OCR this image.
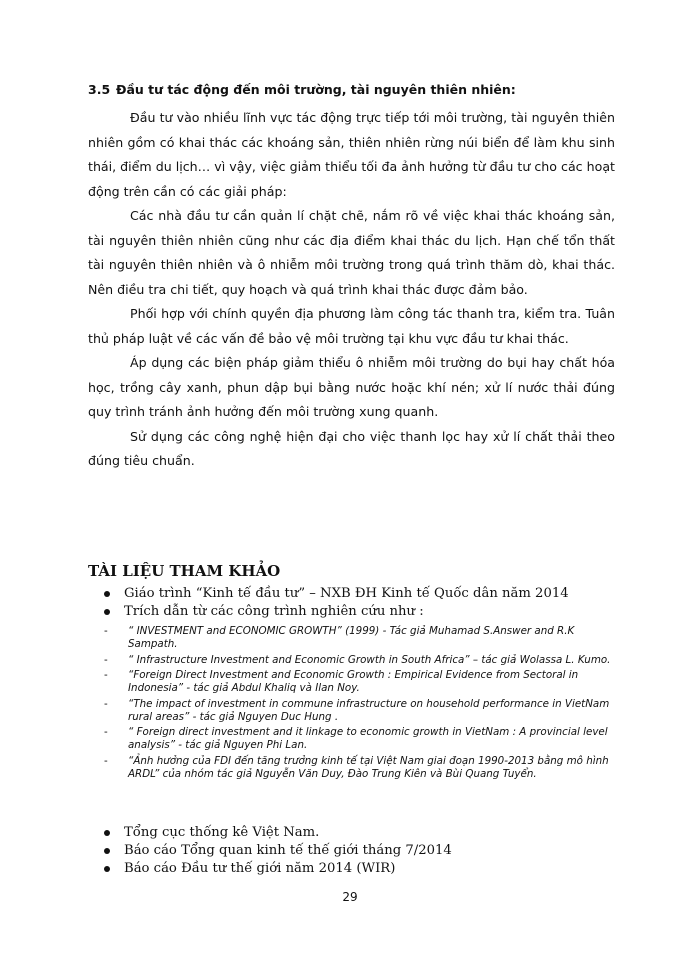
3.5 Đầu tư tác động đến môi trường, tài nguyên thiên nhiên:

Đầu tư vào nhiều lĩnh vực tác động trực tiếp tới môi trường, tài nguyên thiên nhiên gồm có khai thác các khoáng sản, thiên nhiên rừng núi biển để làm khu sinh thái, điểm du lịch… vì vậy, việc giảm thiểu tối đa ảnh hưởng từ đầu tư cho các hoạt động trên cần có các giải pháp:

Các nhà đầu tư cần quản lí chặt chẽ, nắm rõ về việc khai thác khoáng sản, tài nguyên thiên nhiên cũng như các địa điểm khai thác du lịch. Hạn chế tổn thất tài nguyên thiên nhiên và ô nhiễm môi trường trong quá trình thăm dò, khai thác. Nên điều tra chi tiết, quy hoạch và quá trình khai thác được đảm bảo.

Phối hợp với chính quyền địa phương làm công tác thanh tra, kiểm tra. Tuân thủ pháp luật về các vấn đề bảo vệ môi trường tại khu vực đầu tư khai thác.

Áp dụng các biện pháp giảm thiểu ô nhiễm môi trường do bụi hay chất hóa học, trồng cây xanh, phun dập bụi bằng nước hoặc khí nén; xử lí nước thải đúng quy trình tránh ảnh hưởng đến môi trường xung quanh.

Sử dụng các công nghệ hiện đại cho việc thanh lọc hay xử lí chất thải theo đúng tiêu chuẩn.

TÀI LIỆU THAM KHẢO
Giáo trình “Kinh tế đầu tư” – NXB ĐH Kinh tế Quốc dân năm 2014
Trích dẫn từ các công trình nghiên cứu như :
- “ INVESTMENT and ECONOMIC GROWTH” (1999) - Tác giả Muhamad S.Answer and R.K Sampath.
- “ Infrastructure Investment and Economic Growth in South Africa” – tác giả Wolassa L. Kumo.
- “Foreign Direct Investment and Economic Growth : Empirical Evidence from Sectoral in Indonesia” - tác giả Abdul Khaliq và Ilan Noy.
- “The impact of investment in commune infrastructure on household performance in VietNam rural areas” - tác giả Nguyen Duc Hung .
- “ Foreign direct investment and it linkage to economic growth in VietNam : A provincial level analysis” - tác giả Nguyen Phi Lan.
- “Ảnh hưởng của FDI đến tăng trưởng kinh tế tại Việt Nam giai đoạn 1990-2013 bằng mô hình ARDL” của nhóm tác giả Nguyễn Văn Duy, Đào Trung Kiên và Bùi Quang Tuyển.
Tổng cục thống kê Việt Nam.
Báo cáo Tổng quan kinh tế thế giới tháng 7/2014
Báo cáo Đầu tư thế giới năm 2014 (WIR)
29
